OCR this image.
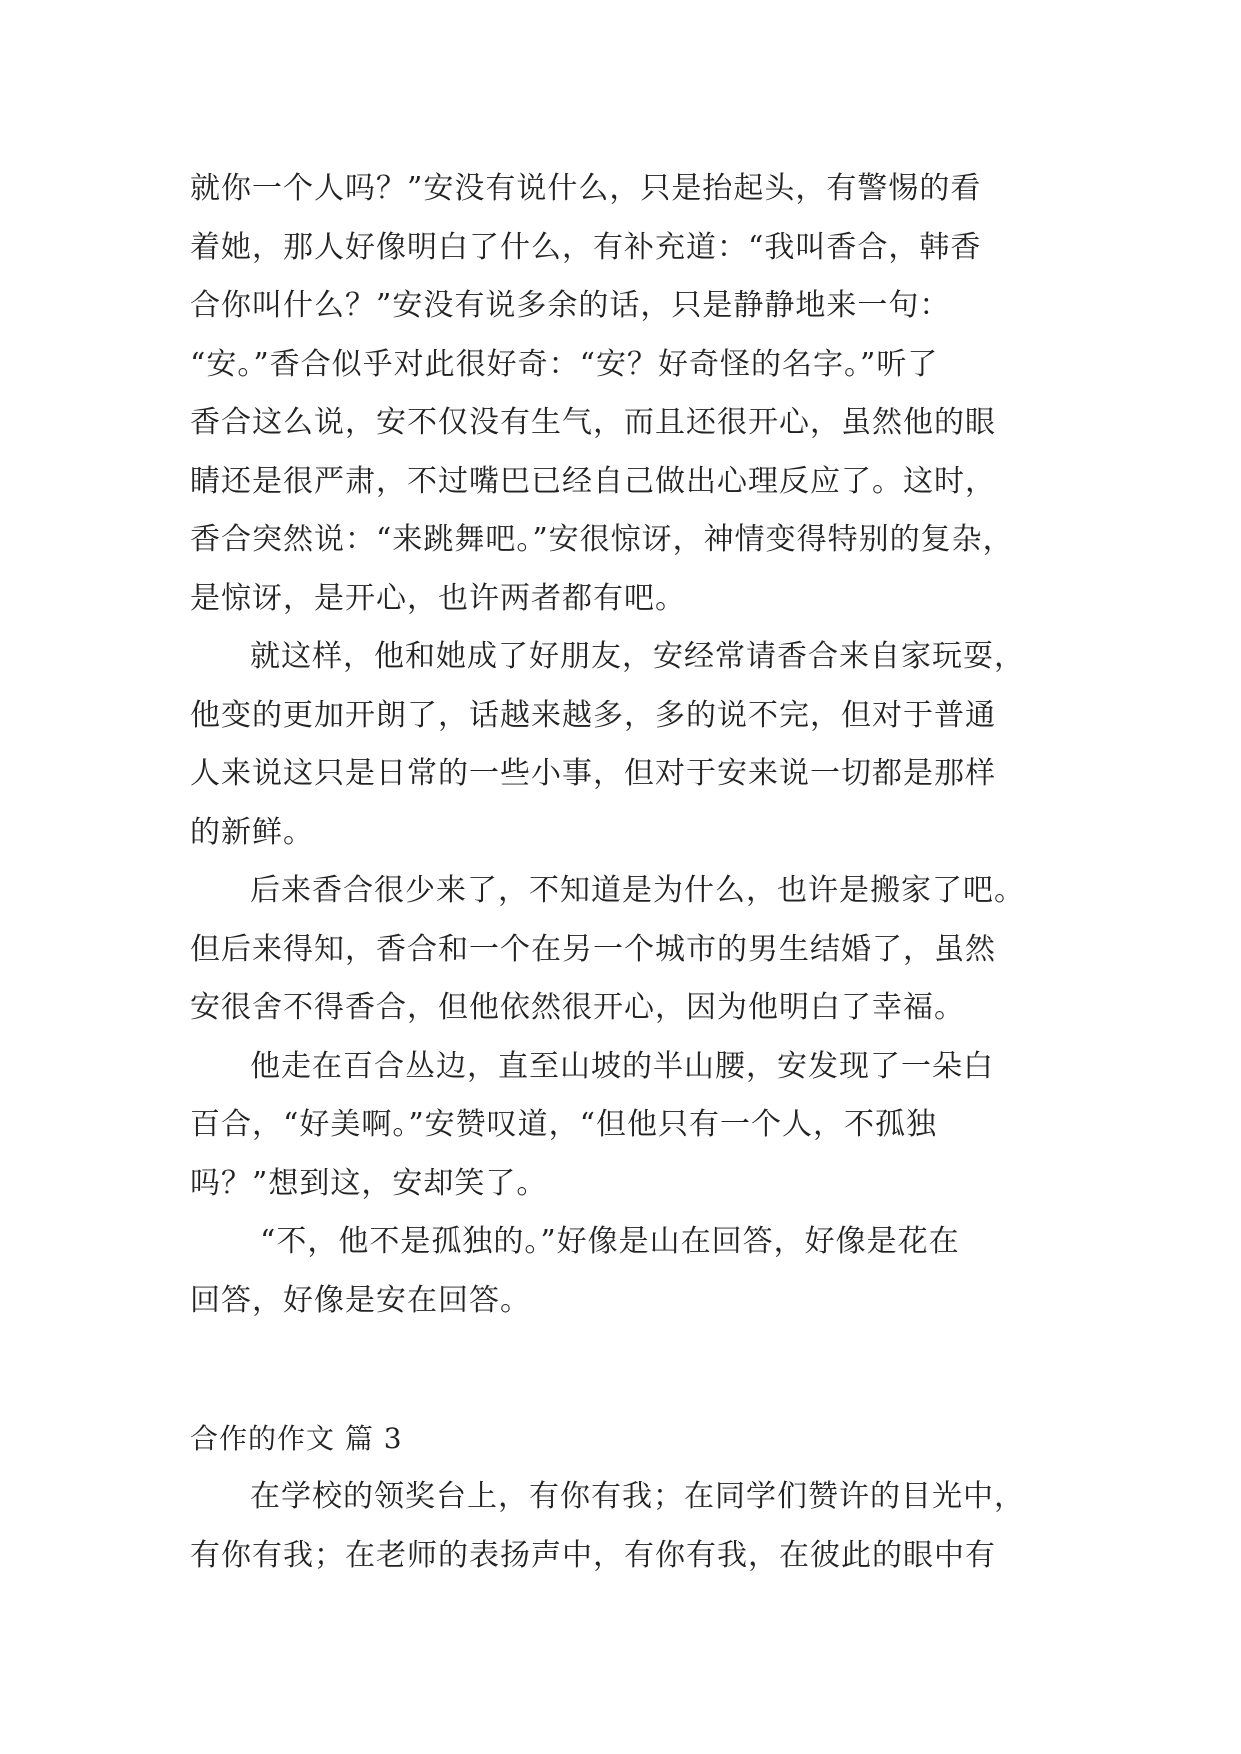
就你一个人吗？”安没有说什么，只是抬起头，有警惕的看
着她，那人好像明白了什么，有补充道：“我叫香合，韩香
合你叫什么？”安没有说多余的话，只是静静地来一句：
“安。”香合似乎对此很好奇：“安？好奇怪的名字。”听了
香合这么说，安不仅没有生气，而且还很开心，虽然他的眼
睛还是很严肃，不过嘴巴已经自己做出心理反应了。这时，
香合突然说：“来跳舞吧。”安很惊讶，神情变得特别的复杂，
是惊讶，是开心，也许两者都有吧。
就这样，他和她成了好朋友，安经常请香合来自家玩耍，
他变的更加开朗了，话越来越多，多的说不完，但对于普通
人来说这只是日常的一些小事，但对于安来说一切都是那样
的新鲜。
后来香合很少来了，不知道是为什么，也许是搬家了吧。
但后来得知，香合和一个在另一个城市的男生结婚了，虽然
安很舍不得香合，但他依然很开心，因为他明白了幸福。
他走在百合丛边，直至山坡的半山腰，安发现了一朵白
百合，“好美啊。”安赞叹道，“但他只有一个人，不孤独
吗？”想到这，安却笑了。
“不，他不是孤独的。”好像是山在回答，好像是花在
回答，好像是安在回答。
合作的作文 篇 3
在学校的领奖台上，有你有我；在同学们赞许的目光中，
有你有我；在老师的表扬声中，有你有我，在彼此的眼中有
